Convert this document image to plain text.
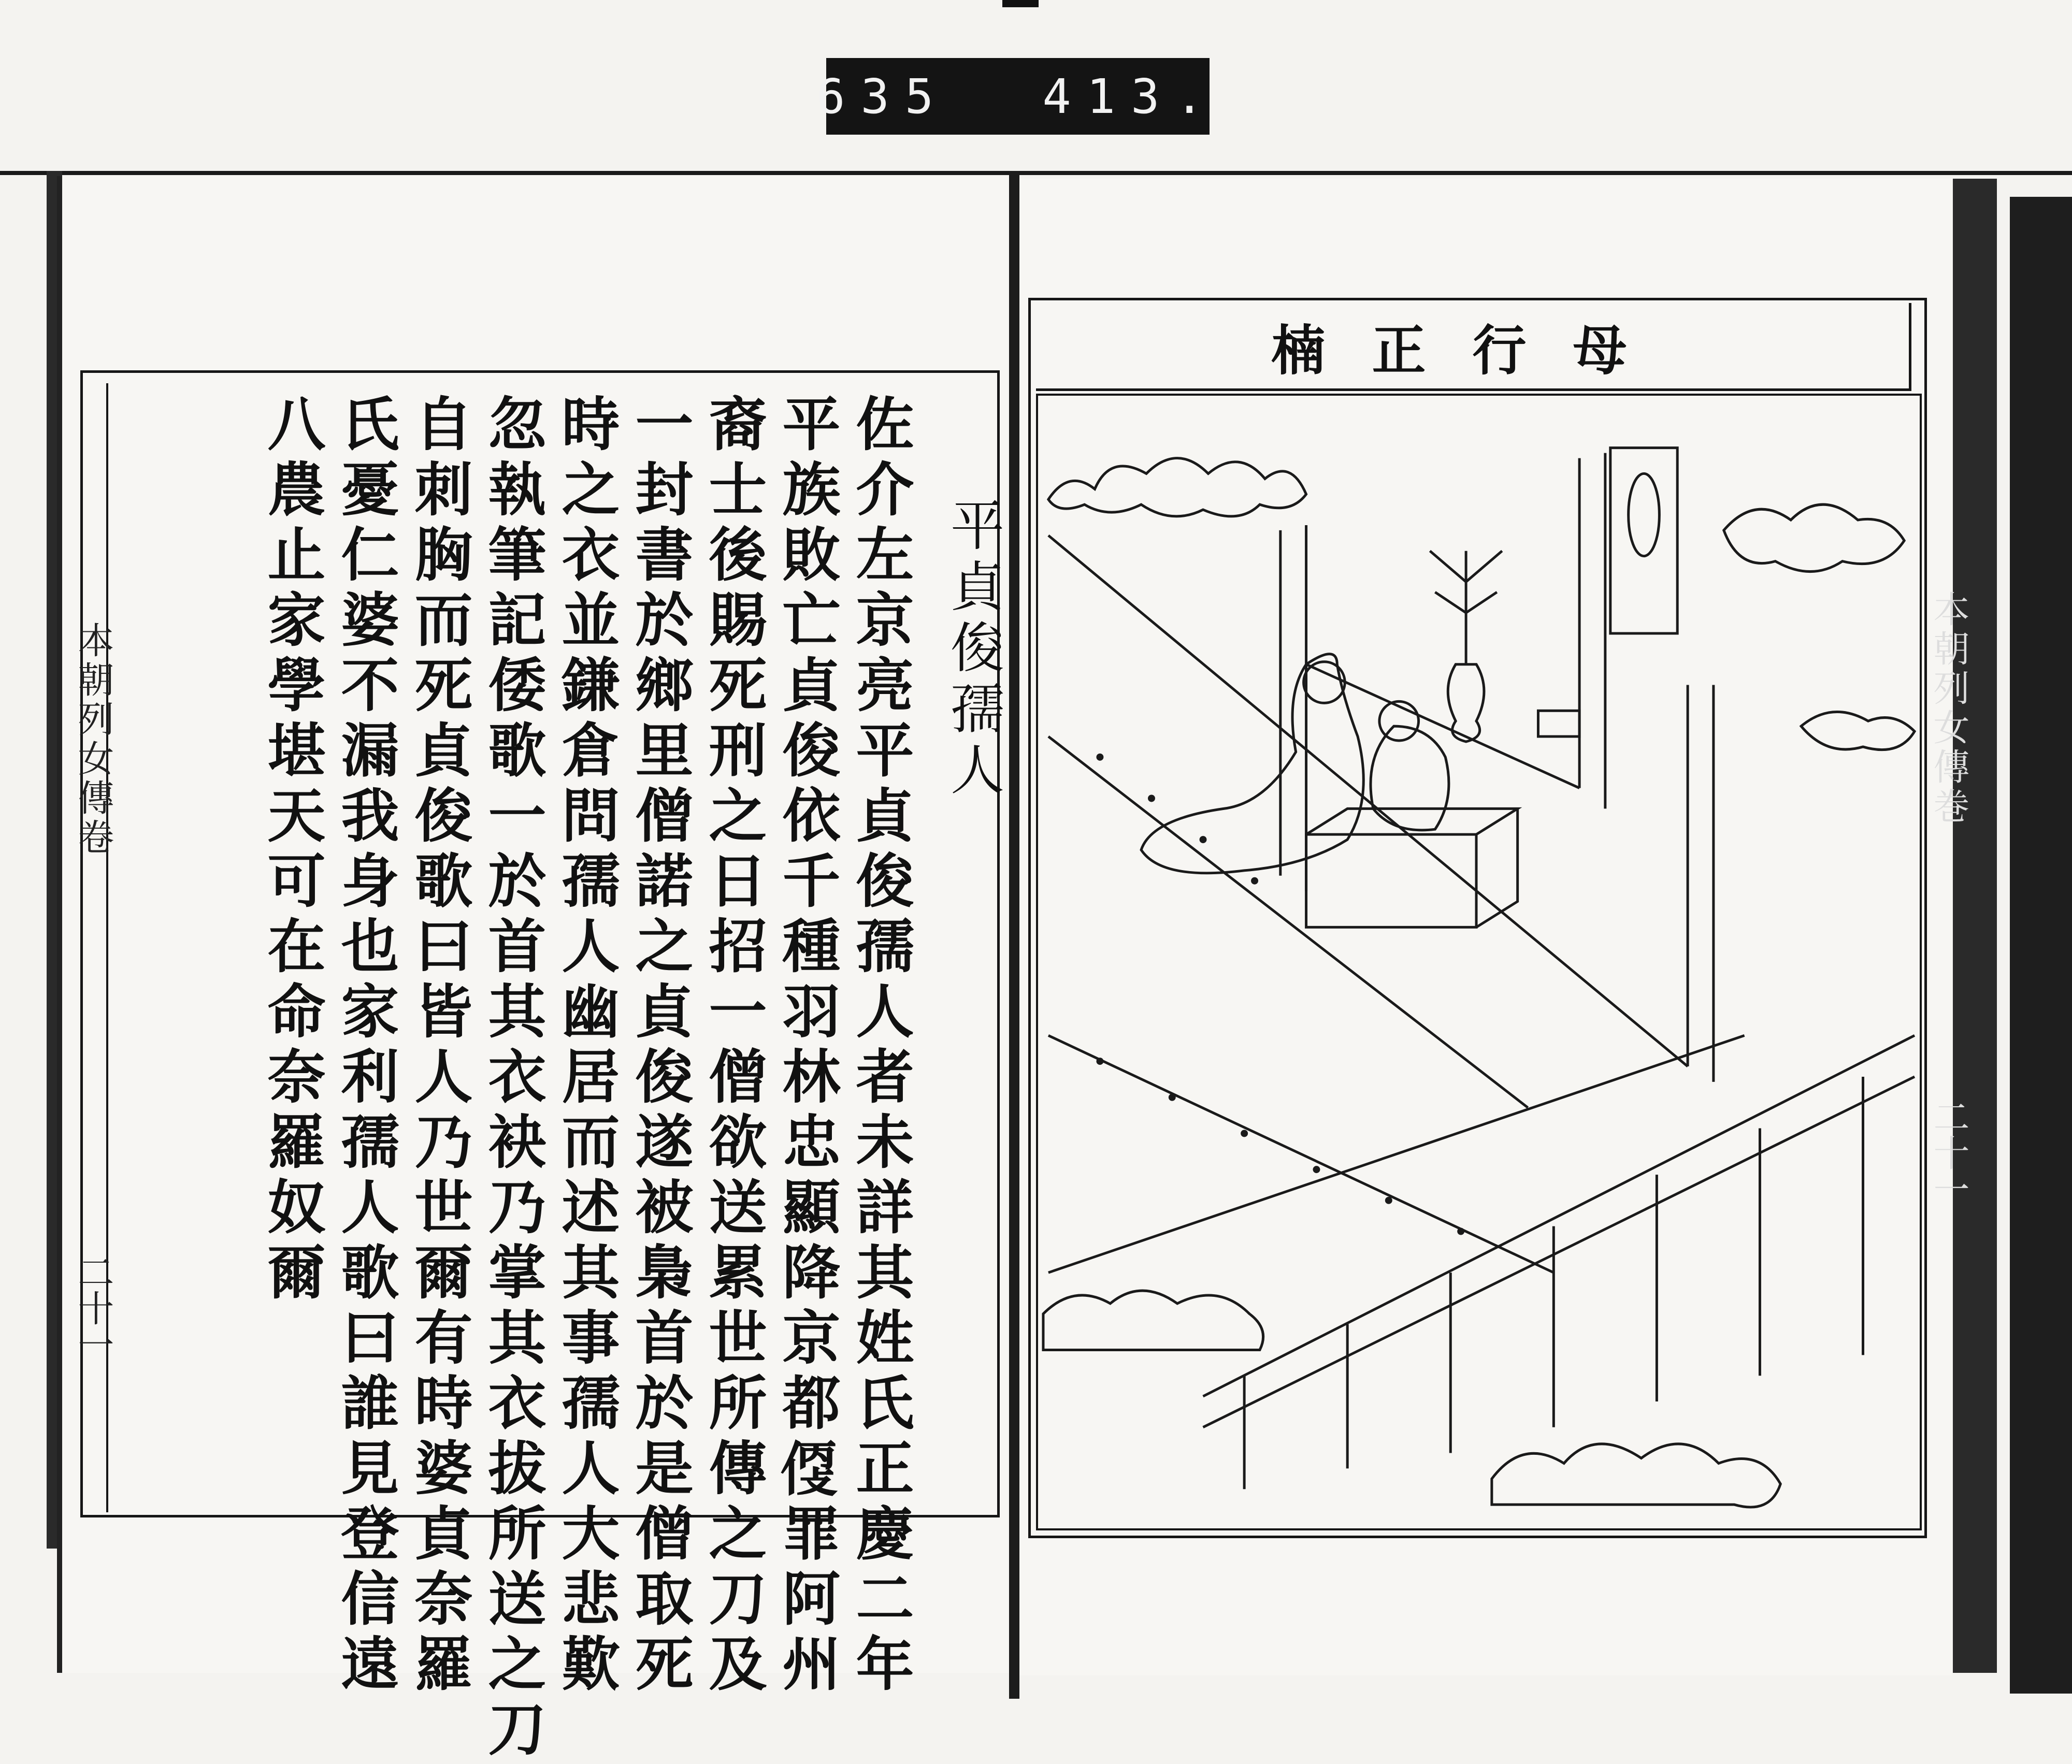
635 413.
本朝列女傳卷
二十一
平貞俊孺人
佐介左京亮平貞俊孺人者未詳其姓氏正慶二年
平族敗亡貞俊依千種羽林忠顯降京都𠊳罪阿州
裔士後賜死刑之日招一僧欲送累世所傳之刀及
一封書於鄉里僧諾之貞俊遂被梟首於是僧取死
時之衣並鎌倉問孺人幽居而述其事孺人大悲歎
忽執筆記倭歌一於首其衣袂乃掌其衣拔所送之刀
自刺胸而死貞俊歌曰皆人乃世爾有時婆貞奈羅
氏憂仁婆不漏我身也家利孺人歌曰誰見登信遠
八農止家學堪天可在命奈羅奴爾	本朝列女傳巻
二十一
楠正行母
